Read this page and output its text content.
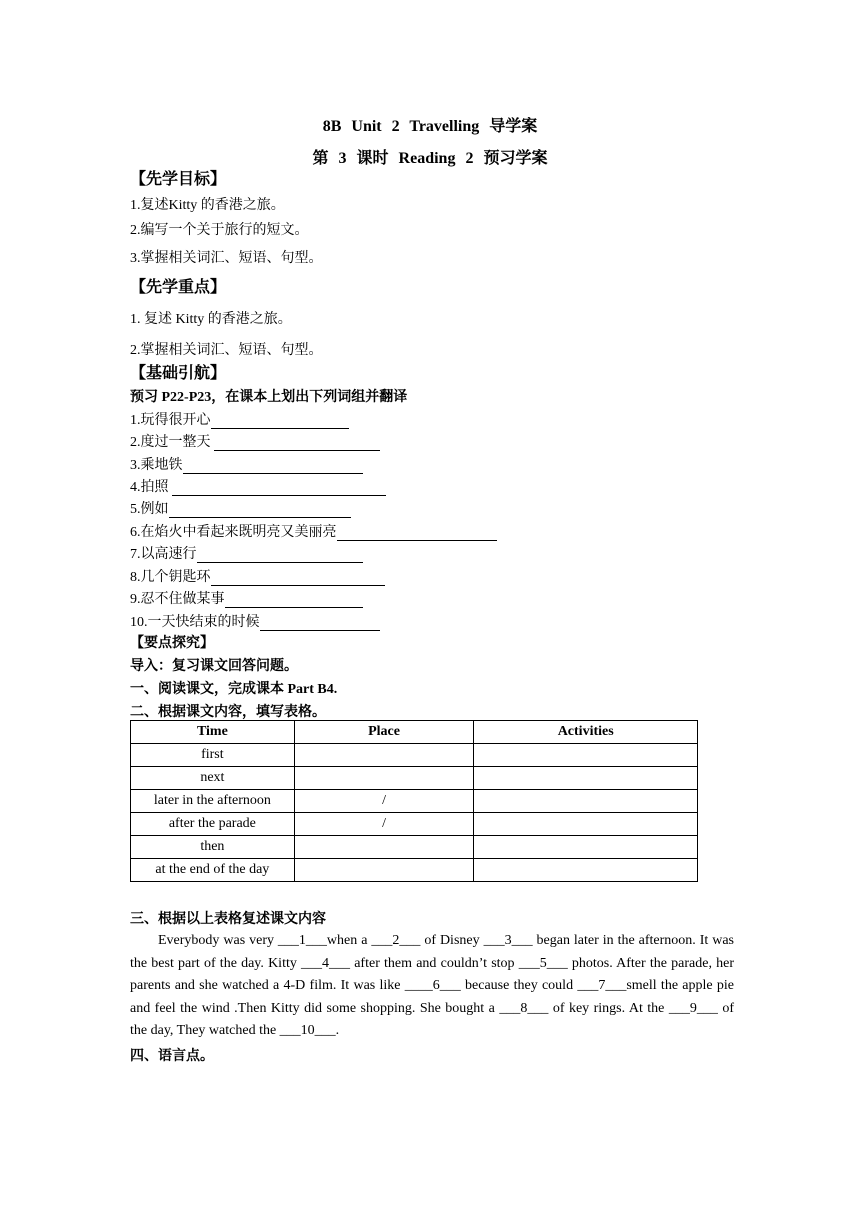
8B Unit 2 Travelling 导学案
第 3 课时 Reading 2 预习学案
【先学目标】
1.复述Kitty 的香港之旅。
2.编写一个关于旅行的短文。
3.掌握相关词汇、短语、句型。
【先学重点】
1. 复述 Kitty 的香港之旅。
2.掌握相关词汇、短语、句型。
【基础引航】
预习 P22-P23，在课本上划出下列词组并翻译
1.玩得很开心
2.度过一整天
3.乘地铁
4.拍照
5.例如
6.在焰火中看起来既明亮又美丽亮
7.以高速行
8.几个钥匙环
9.忍不住做某事
10.一天快结束的时候
【要点探究】
导入：复习课文回答问题。
一、阅读课文，完成课本 Part B4.
二、根据课文内容，填写表格。
Time	Place	Activities
first		
next		
later in the afternoon	/	
after the parade	/	
then		
at the end of the day		
三、根据以上表格复述课文内容
Everybody was very ___1___when a ___2___ of Disney ___3___ began later in the afternoon. It was the best part of the day. Kitty ___4___ after them and couldn’t stop ___5___ photos. After the parade, her parents and she watched a 4-D film. It was like ____6___ because they could ___7___smell the apple pie and feel the wind .Then Kitty did some shopping. She bought a ___8___ of key rings. At the ___9___ of the day, They watched the ___10___.
四、语言点。
